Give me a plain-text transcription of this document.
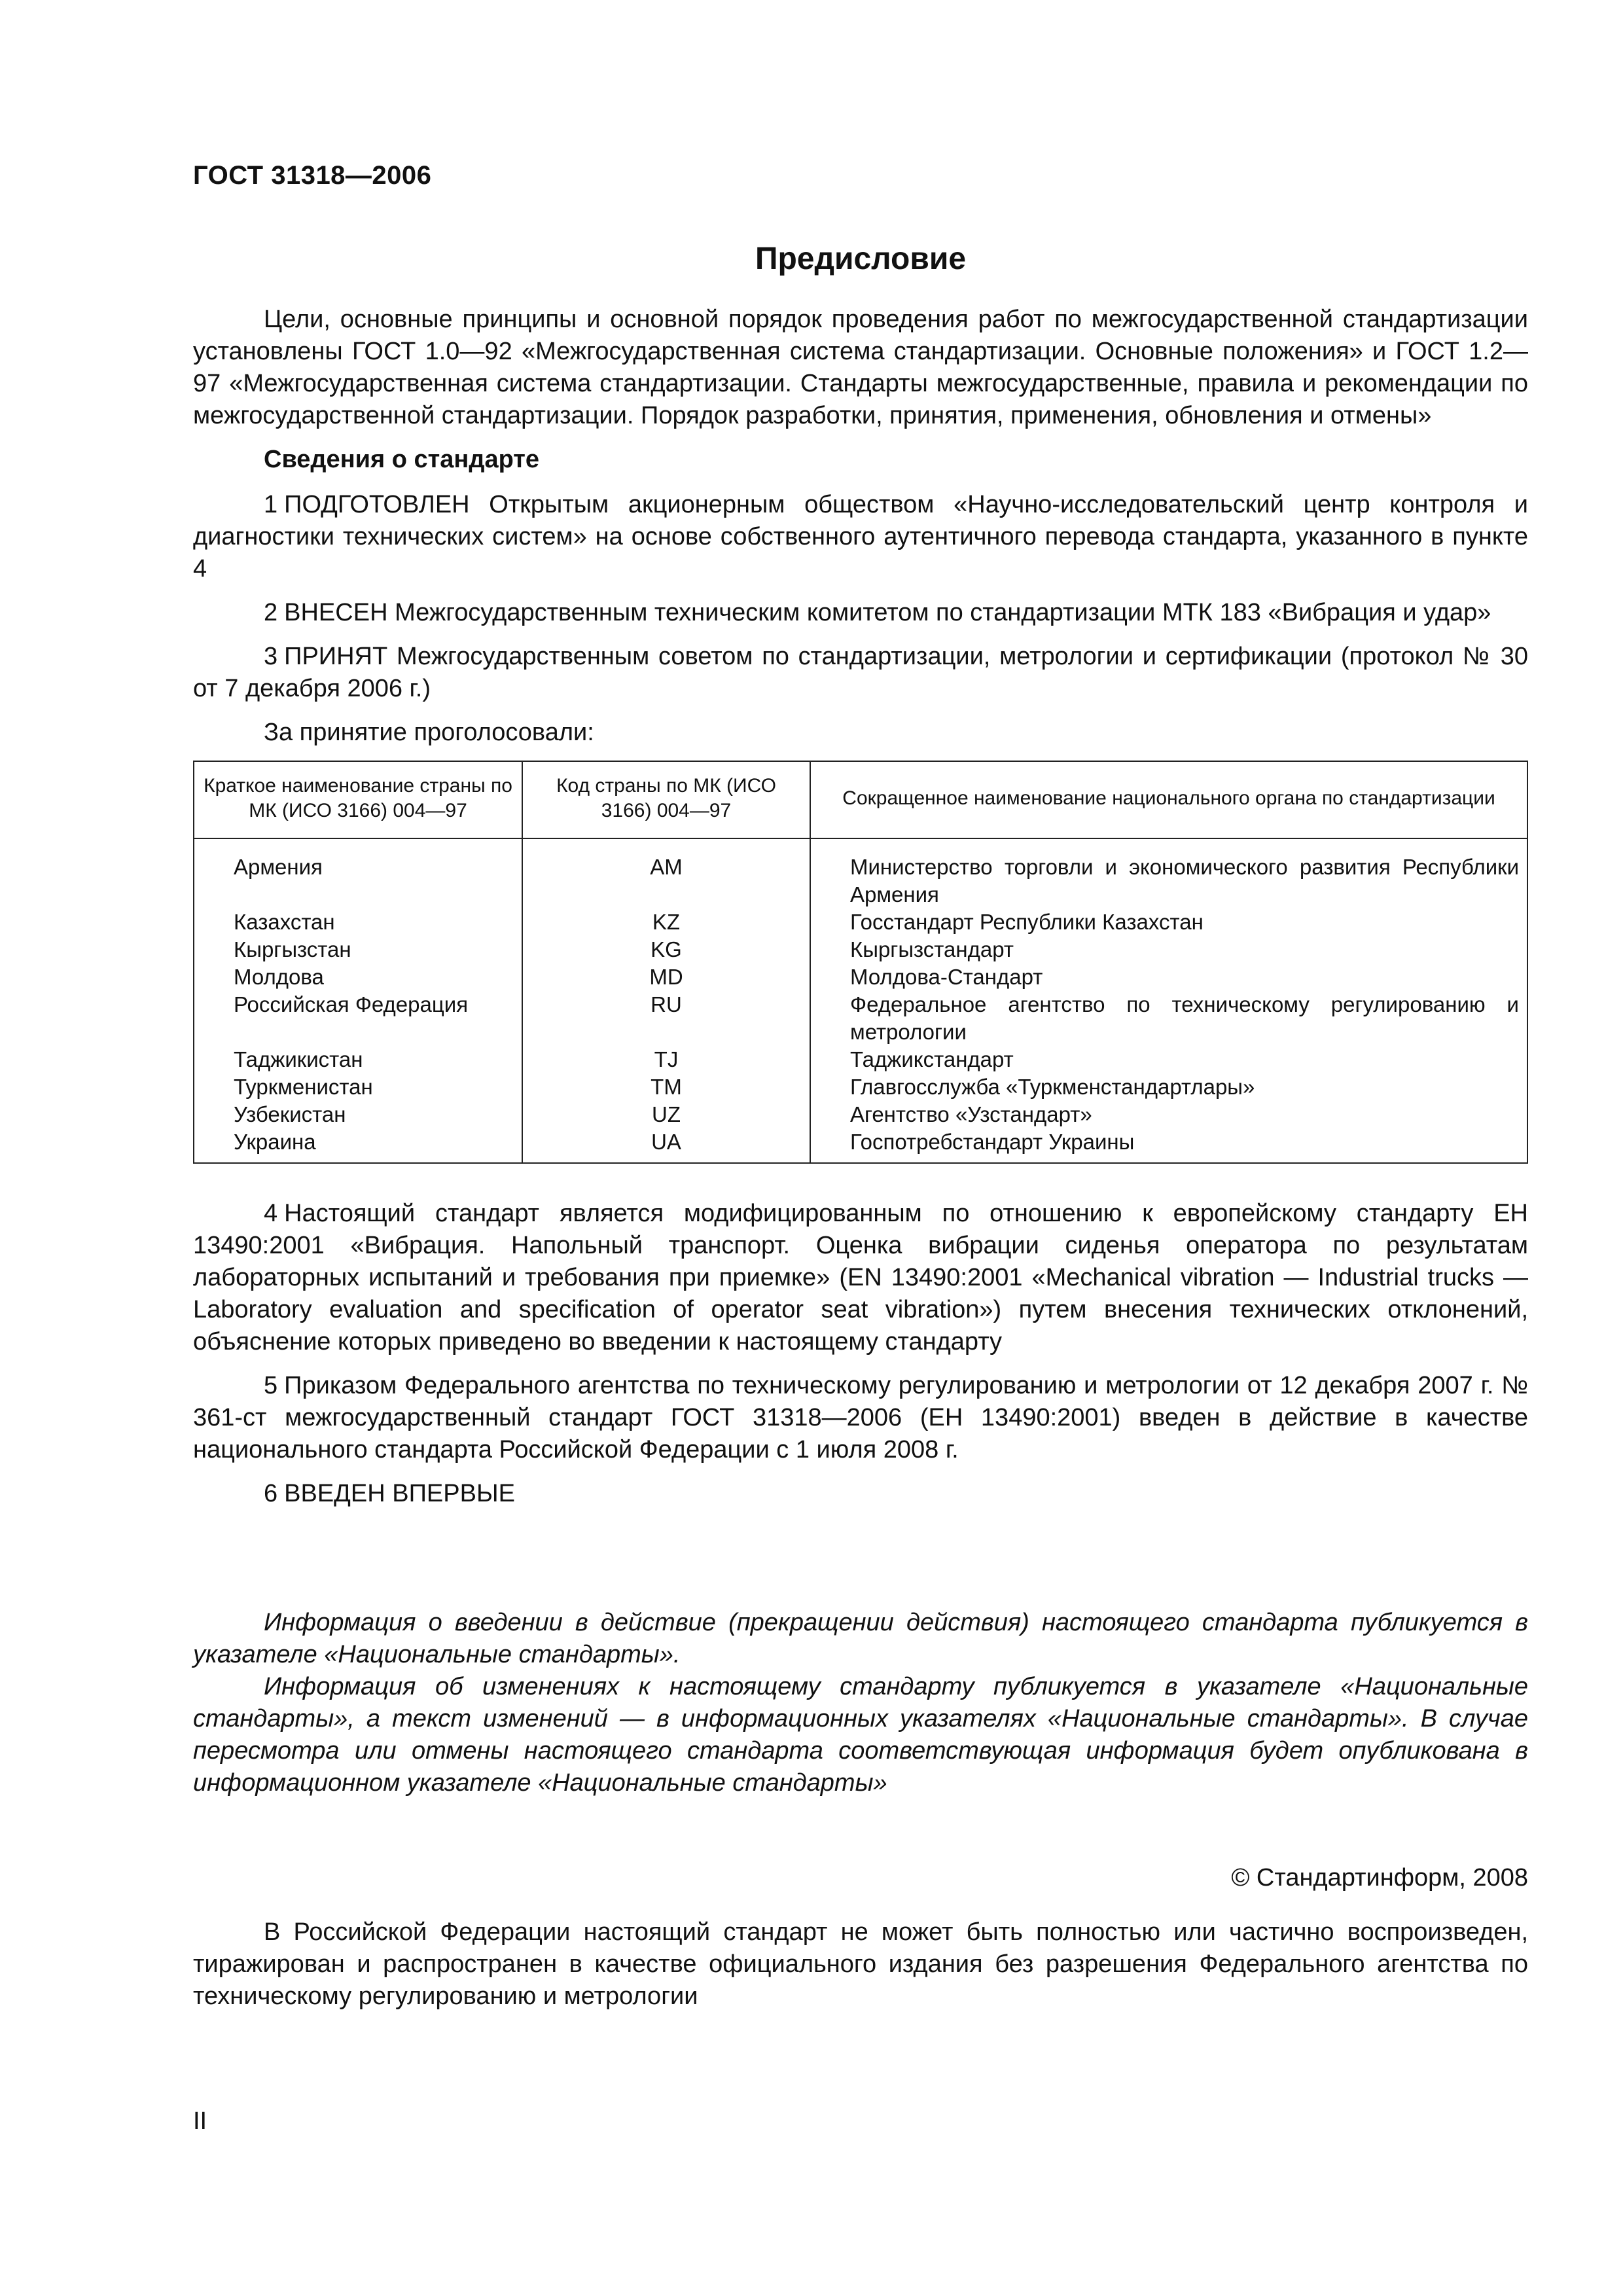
ГОСТ 31318—2006
Предисловие

Цели, основные принципы и основной порядок проведения работ по межгосударственной стандартизации установлены ГОСТ 1.0—92 «Межгосударственная система стандартизации. Основные положения» и ГОСТ 1.2—97 «Межгосударственная система стандартизации. Стандарты межгосударственные, правила и рекомендации по межгосударственной стандартизации. Порядок разработки, принятия, применения, обновления и отмены»

Сведения о стандарте

1 ПОДГОТОВЛЕН Открытым акционерным обществом «Научно-исследовательский центр контроля и диагностики технических систем» на основе собственного аутентичного перевода стандарта, указанного в пункте 4

2 ВНЕСЕН Межгосударственным техническим комитетом по стандартизации МТК 183 «Вибрация и удар»

3 ПРИНЯТ Межгосударственным советом по стандартизации, метрологии и сертификации (протокол № 30 от 7 декабря 2006 г.)

За принятие проголосовали:

Краткое наименование страны по МК (ИСО 3166) 004—97	Код страны по МК (ИСО 3166) 004—97	Сокращенное наименование национального органа по стандартизации
Армения	AM	Министерство торговли и экономического развития Республики Армения
Казахстан	KZ	Госстандарт Республики Казахстан
Кыргызстан	KG	Кыргызстандарт
Молдова	MD	Молдова-Стандарт
Российская Федерация	RU	Федеральное агентство по техническому регулированию и метрологии
Таджикистан	TJ	Таджикстандарт
Туркменистан	TM	Главгосслужба «Туркменстандартлары»
Узбекистан	UZ	Агентство «Узстандарт»
Украина	UA	Госпотребстандарт Украины

4 Настоящий стандарт является модифицированным по отношению к европейскому стандарту ЕН 13490:2001 «Вибрация. Напольный транспорт. Оценка вибрации сиденья оператора по результатам лабораторных испытаний и требования при приемке» (EN 13490:2001 «Mechanical vibration — Industrial trucks — Laboratory evaluation and specification of operator seat vibration») путем внесения технических отклонений, объяснение которых приведено во введении к настоящему стандарту

5 Приказом Федерального агентства по техническому регулированию и метрологии от 12 декабря 2007 г. № 361-ст межгосударственный стандарт ГОСТ 31318—2006 (ЕН 13490:2001) введен в действие в качестве национального стандарта Российской Федерации с 1 июля 2008 г.

6 ВВЕДЕН ВПЕРВЫЕ

Информация о введении в действие (прекращении действия) настоящего стандарта публикуется в указателе «Национальные стандарты».

Информация об изменениях к настоящему стандарту публикуется в указателе «Национальные стандарты», а текст изменений — в информационных указателях «Национальные стандарты». В случае пересмотра или отмены настоящего стандарта соответствующая информация будет опубликована в информационном указателе «Национальные стандарты»

© Стандартинформ, 2008

В Российской Федерации настоящий стандарт не может быть полностью или частично воспроизведен, тиражирован и распространен в качестве официального издания без разрешения Федерального агентства по техническому регулированию и метрологии

II
